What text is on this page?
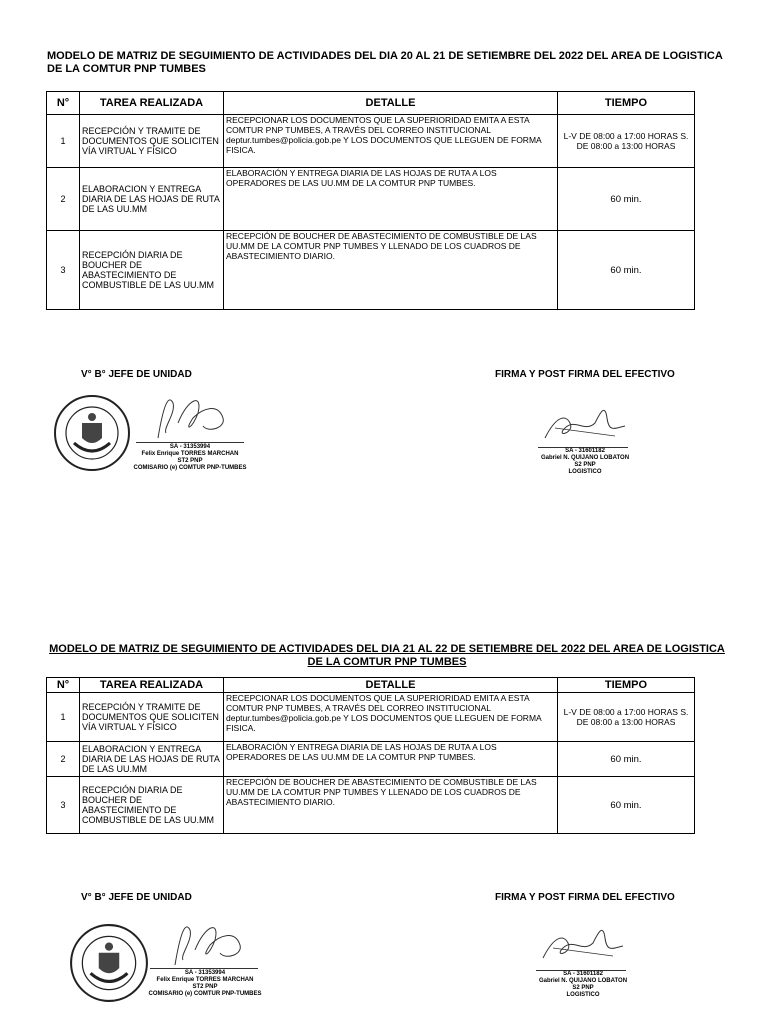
MODELO DE MATRIZ DE SEGUIMIENTO DE ACTIVIDADES DEL DIA 20 AL 21 DE SETIEMBRE DEL 2022 DEL AREA DE LOGISTICA DE LA COMTUR PNP TUMBES
N°	TAREA REALIZADA	DETALLE	TIEMPO
1	RECEPCIÓN Y TRAMITE DE DOCUMENTOS QUE SOLICITEN VÍA VIRTUAL Y FÍSICO	RECEPCIONAR LOS DOCUMENTOS QUE LA SUPERIORIDAD EMITA A ESTA COMTUR PNP TUMBES, A TRAVÉS DEL CORREO INSTITUCIONAL deptur.tumbes@policia.gob.pe Y LOS DOCUMENTOS QUE LLEGUEN DE FORMA FISICA.	L-V DE 08:00 a 17:00 HORAS S. DE 08:00 a 13:00 HORAS
2	ELABORACION Y ENTREGA DIARIA DE LAS HOJAS DE RUTA DE LAS UU.MM	ELABORACIÓN Y ENTREGA DIARIA DE LAS HOJAS DE RUTA A LOS OPERADORES DE LAS UU.MM DE LA COMTUR PNP TUMBES.	60 min.
3	RECEPCIÓN DIARIA DE BOUCHER DE ABASTECIMIENTO DE COMBUSTIBLE DE LAS UU.MM	RECEPCIÓN DE BOUCHER DE ABASTECIMIENTO DE COMBUSTIBLE DE LAS UU.MM DE LA COMTUR PNP TUMBES Y LLENADO DE LOS CUADROS DE ABASTECIMIENTO DIARIO.	60 min.
V° B° JEFE DE UNIDAD	FIRMA Y POST FIRMA DEL EFECTIVO
SA - 31353994
Felix Enrique TORRES MARCHAN
ST2 PNP
COMISARIO (e) COMTUR PNP-TUMBES
SA - 31601182
Gabriel N. QUIJANO LOBATON
S2 PNP
LOGISTICO
MODELO DE MATRIZ DE SEGUIMIENTO DE ACTIVIDADES DEL DIA 21 AL 22 DE SETIEMBRE DEL 2022 DEL AREA DE LOGISTICA DE LA COMTUR PNP TUMBES
N°	TAREA REALIZADA	DETALLE	TIEMPO
1	RECEPCIÓN Y TRAMITE DE DOCUMENTOS QUE SOLICITEN VÍA VIRTUAL Y FÍSICO	RECEPCIONAR LOS DOCUMENTOS QUE LA SUPERIORIDAD EMITA A ESTA COMTUR PNP TUMBES, A TRAVÉS DEL CORREO INSTITUCIONAL deptur.tumbes@policia.gob.pe Y LOS DOCUMENTOS QUE LLEGUEN DE FORMA FISICA.	L-V DE 08:00 a 17:00 HORAS S. DE 08:00 a 13:00 HORAS
2	ELABORACION Y ENTREGA DIARIA DE LAS HOJAS DE RUTA DE LAS UU.MM	ELABORACIÓN Y ENTREGA DIARIA DE LAS HOJAS DE RUTA A LOS OPERADORES DE LAS UU.MM DE LA COMTUR PNP TUMBES.	60 min.
3	RECEPCIÓN DIARIA DE BOUCHER DE ABASTECIMIENTO DE COMBUSTIBLE DE LAS UU.MM	RECEPCIÓN DE BOUCHER DE ABASTECIMIENTO DE COMBUSTIBLE DE LAS UU.MM DE LA COMTUR PNP TUMBES Y LLENADO DE LOS CUADROS DE ABASTECIMIENTO DIARIO.	60 min.
V° B° JEFE DE UNIDAD	FIRMA Y POST FIRMA DEL EFECTIVO
SA - 31353994
Felix Enrique TORRES MARCHAN
ST2 PNP
COMISARIO (e) COMTUR PNP-TUMBES
SA - 31601182
Gabriel N. QUIJANO LOBATON
S2 PNP
LOGISTICO
